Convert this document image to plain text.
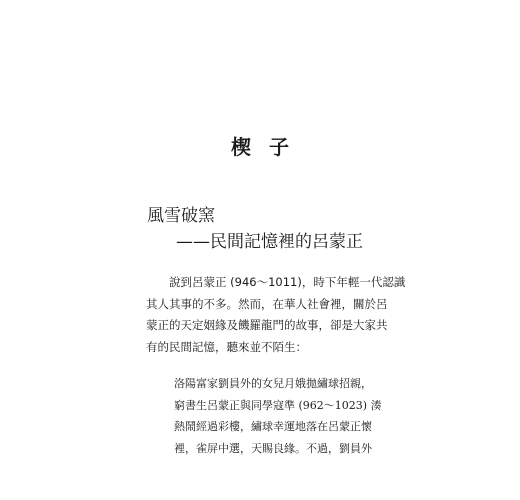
楔子
風雪破窯
——民間記憶裡的呂蒙正
說到呂蒙正 (946～1011)，時下年輕一代認識
其人其事的不多。然而，在華人社會裡，關於呂
蒙正的天定姻緣及饑羅龍門的故事，卻是大家共
有的民間記憶，聽來並不陌生：
洛陽富家劉員外的女兒月娥拋繡球招親，
窮書生呂蒙正與同學寇準 (962～1023) 湊
熱鬧經過彩樓，繡球幸運地落在呂蒙正懷
裡，雀屏中選，天賜良緣。不過，劉員外
